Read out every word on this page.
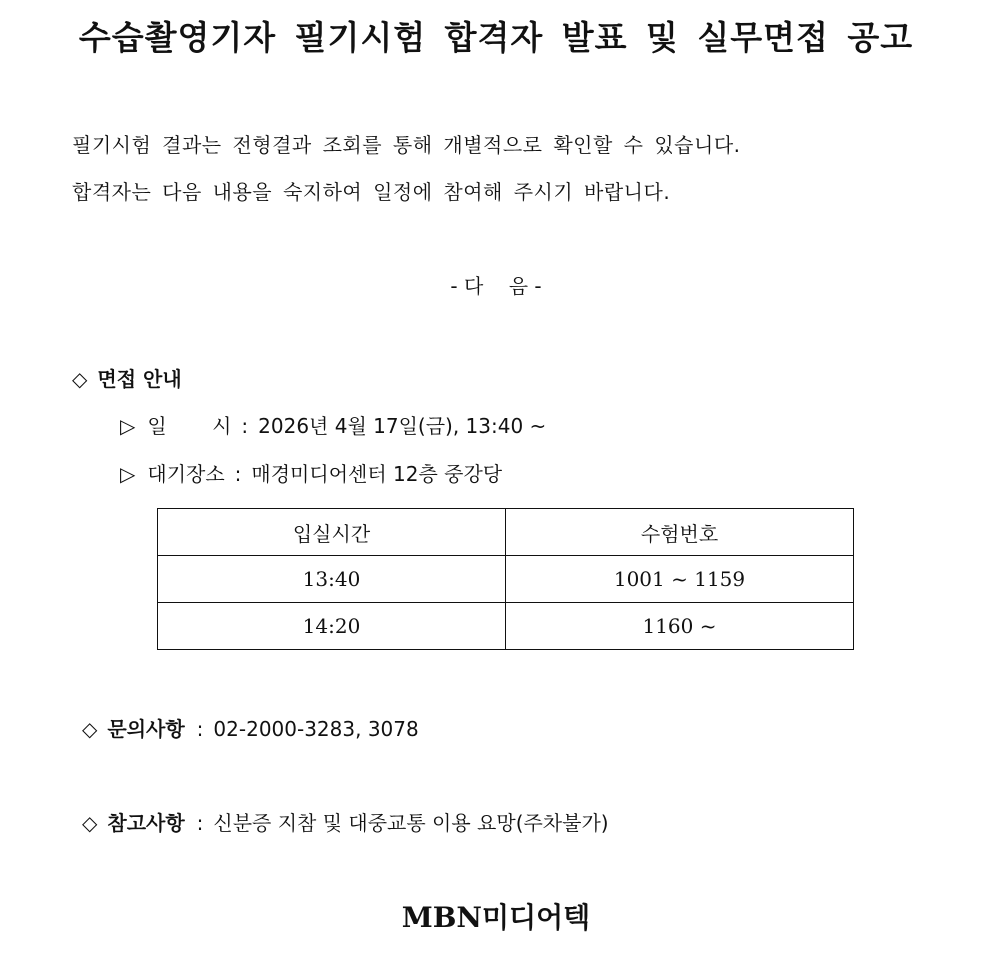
수습촬영기자 필기시험 합격자 발표 및 실무면접 공고
필기시험 결과는 전형결과 조회를 통해 개별적으로 확인할 수 있습니다.
합격자는 다음 내용을 숙지하여 일정에 참여해 주시기 바랍니다.
- 다    음 -
◇ 면접 안내
▷ 일 시 : 2026년 4월 17일(금), 13:40 ~
▷ 대기장소 : 매경미디어센터 12층 중강당
입실시간	수험번호
13:40	1001 ~ 1159
14:20	1160 ~
◇ 문의사항 : 02-2000-3283, 3078
◇ 참고사항 : 신분증 지참 및 대중교통 이용 요망(주차불가)
MBN미디어텍
